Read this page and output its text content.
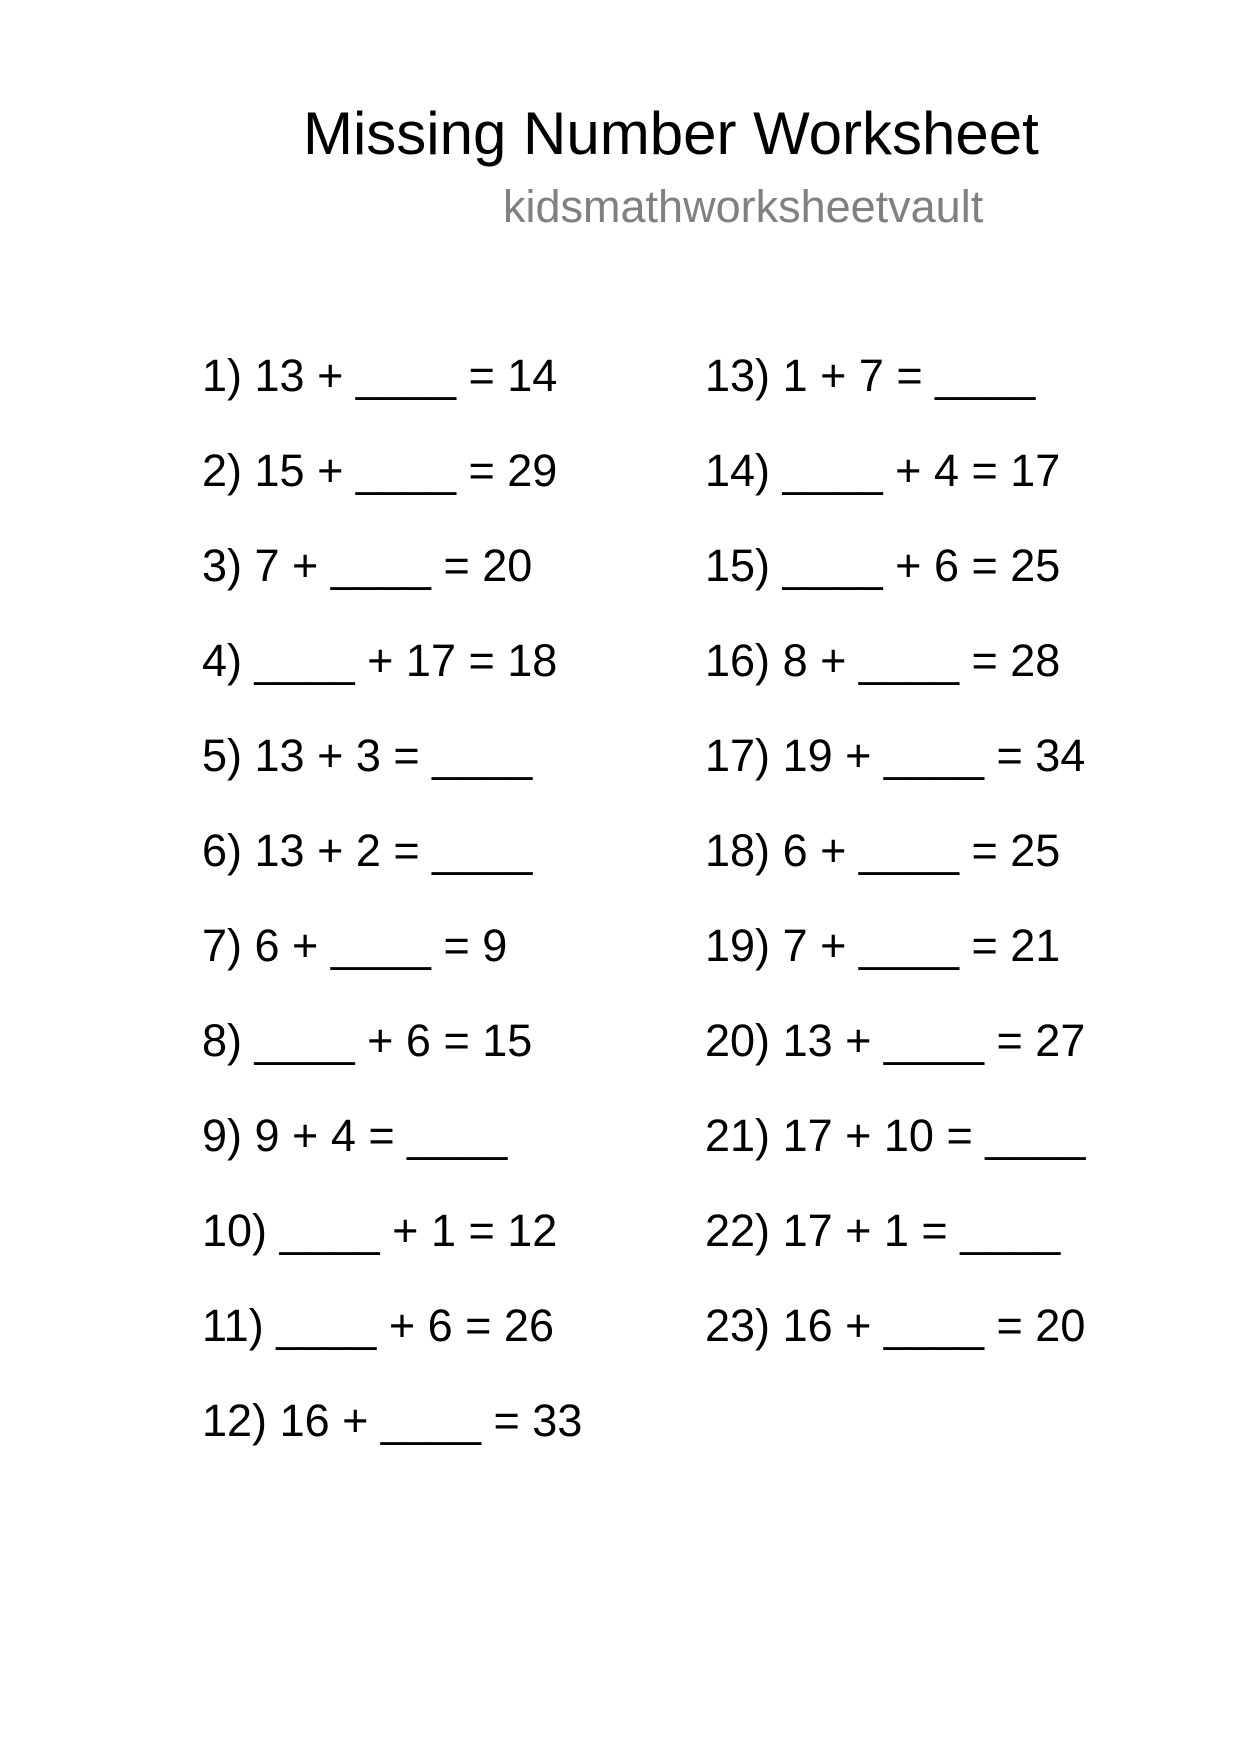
Missing Number Worksheet
kidsmathworksheetvault
1) 13 + ____ = 14
2) 15 + ____ = 29
3) 7 + ____ = 20
4) ____ + 17 = 18
5) 13 + 3 = ____
6) 13 + 2 = ____
7) 6 + ____ = 9
8) ____ + 6 = 15
9) 9 + 4 = ____
10) ____ + 1 = 12
11) ____ + 6 = 26
12) 16 + ____ = 33
13) 1 + 7 = ____
14) ____ + 4 = 17
15) ____ + 6 = 25
16) 8 + ____ = 28
17) 19 + ____ = 34
18) 6 + ____ = 25
19) 7 + ____ = 21
20) 13 + ____ = 27
21) 17 + 10 = ____
22) 17 + 1 = ____
23) 16 + ____ = 20
